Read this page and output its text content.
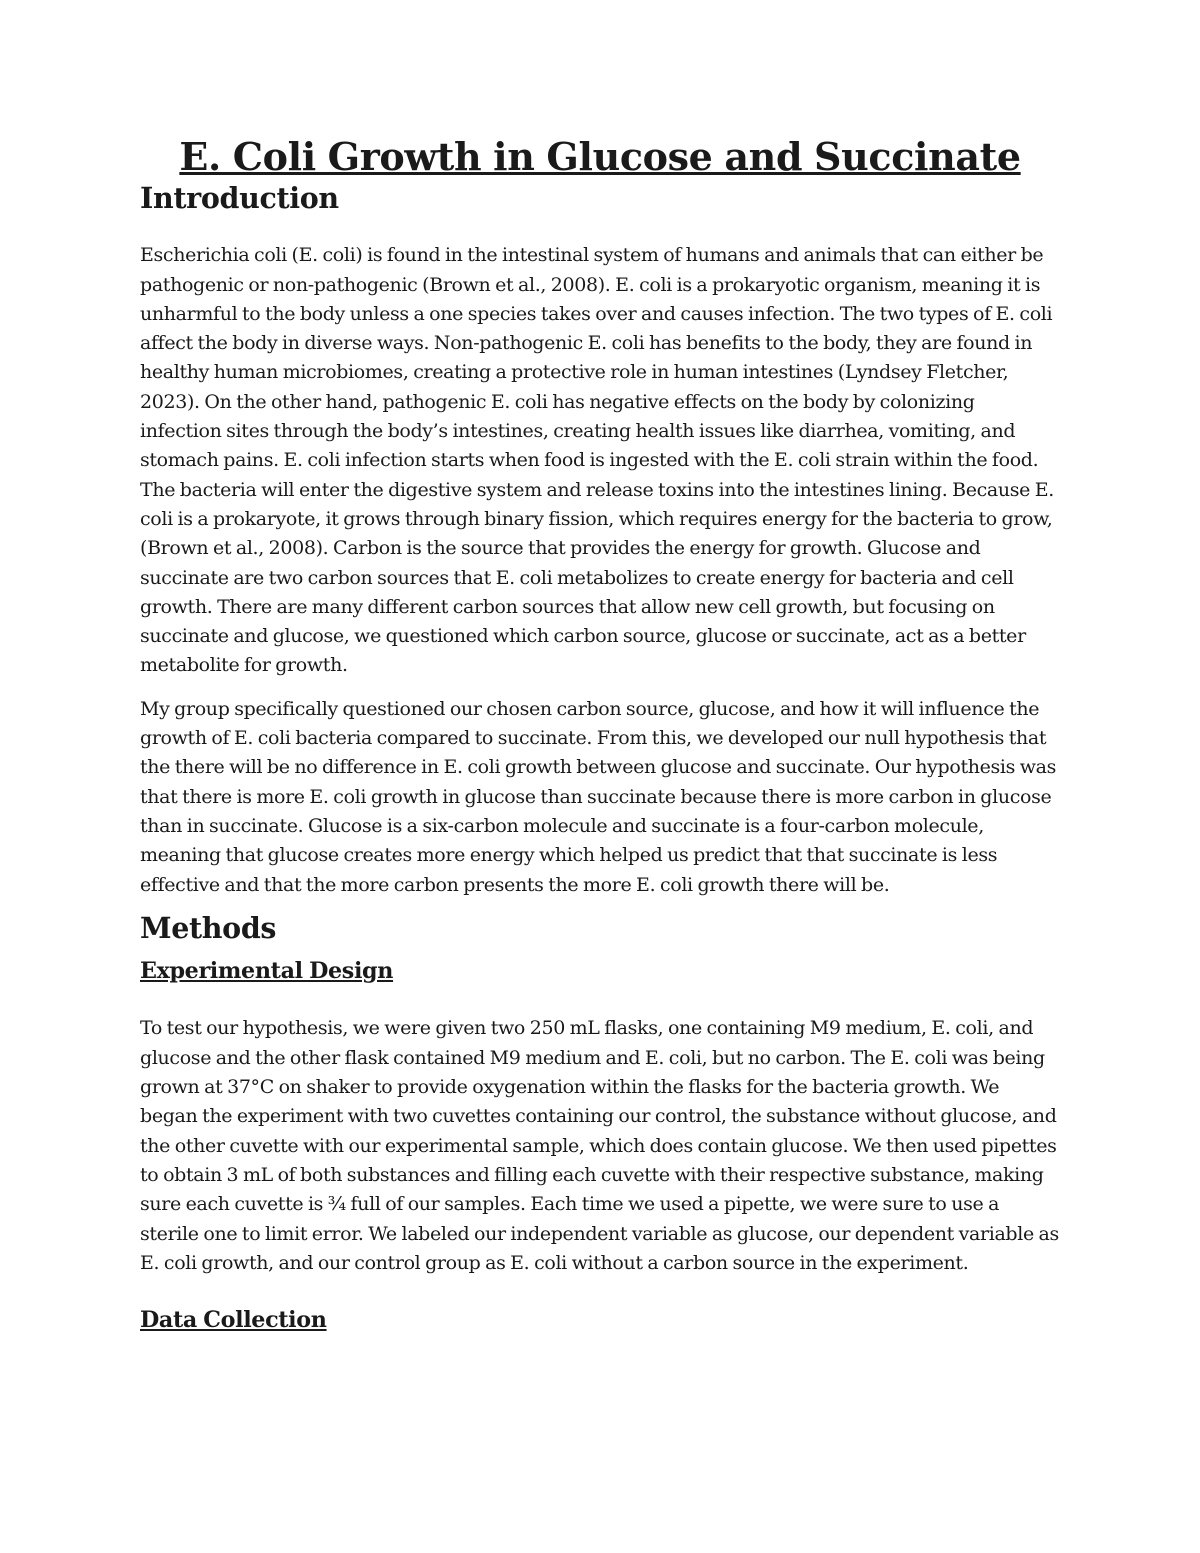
E. Coli Growth in Glucose and Succinate
Introduction

Escherichia coli (E. coli) is found in the intestinal system of humans and animals that can either be pathogenic or non-pathogenic (Brown et al., 2008). E. coli is a prokaryotic organism, meaning it is unharmful to the body unless a one species takes over and causes infection. The two types of E. coli affect the body in diverse ways. Non-pathogenic E. coli has benefits to the body, they are found in healthy human microbiomes, creating a protective role in human intestines (Lyndsey Fletcher, 2023). On the other hand, pathogenic E. coli has negative effects on the body by colonizing infection sites through the body’s intestines, creating health issues like diarrhea, vomiting, and stomach pains. E. coli infection starts when food is ingested with the E. coli strain within the food. The bacteria will enter the digestive system and release toxins into the intestines lining. Because E. coli is a prokaryote, it grows through binary fission, which requires energy for the bacteria to grow, (Brown et al., 2008). Carbon is the source that provides the energy for growth. Glucose and succinate are two carbon sources that E. coli metabolizes to create energy for bacteria and cell growth. There are many different carbon sources that allow new cell growth, but focusing on succinate and glucose, we questioned which carbon source, glucose or succinate, act as a better metabolite for growth.

My group specifically questioned our chosen carbon source, glucose, and how it will influence the growth of E. coli bacteria compared to succinate. From this, we developed our null hypothesis that the there will be no difference in E. coli growth between glucose and succinate. Our hypothesis was that there is more E. coli growth in glucose than succinate because there is more carbon in glucose than in succinate. Glucose is a six-carbon molecule and succinate is a four-carbon molecule, meaning that glucose creates more energy which helped us predict that that succinate is less effective and that the more carbon presents the more E. coli growth there will be.

Methods
Experimental Design

To test our hypothesis, we were given two 250 mL flasks, one containing M9 medium, E. coli, and glucose and the other flask contained M9 medium and E. coli, but no carbon. The E. coli was being grown at 37°C on shaker to provide oxygenation within the flasks for the bacteria growth. We began the experiment with two cuvettes containing our control, the substance without glucose, and the other cuvette with our experimental sample, which does contain glucose. We then used pipettes to obtain 3 mL of both substances and filling each cuvette with their respective substance, making sure each cuvette is ¾ full of our samples. Each time we used a pipette, we were sure to use a sterile one to limit error. We labeled our independent variable as glucose, our dependent variable as E. coli growth, and our control group as E. coli without a carbon source in the experiment.

Data Collection
